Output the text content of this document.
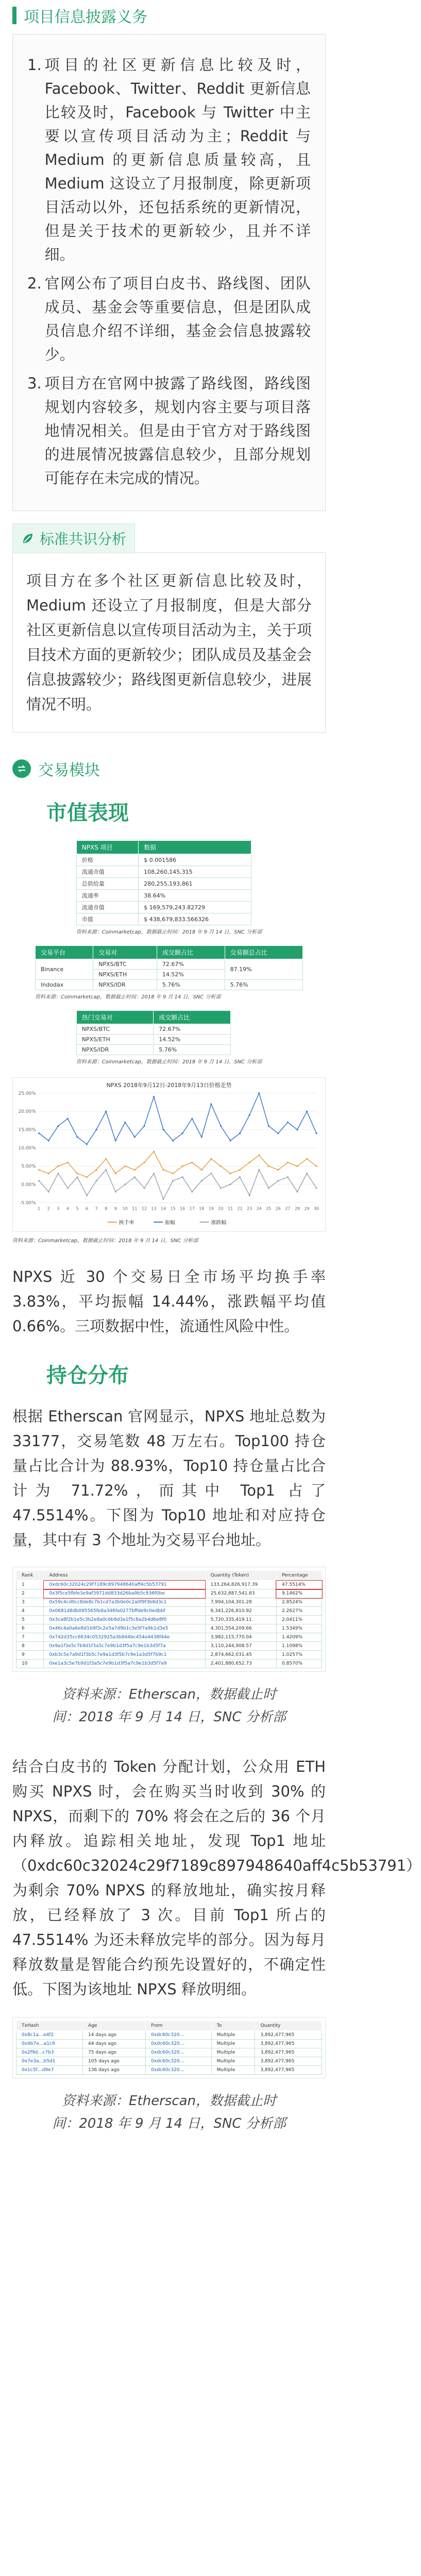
项目信息披露义务
1. 项目的社区更新信息比较及时，Facebook、Twitter、Reddit 更新信息比较及时，Facebook 与 Twitter 中主要以宣传项目活动为主；Reddit 与 Medium 的更新信息质量较高，且 Medium 这设立了月报制度，除更新项目活动以外，还包括系统的更新情况，但是关于技术的更新较少，且并不详细。
2. 官网公布了项目白皮书、路线图、团队成员、基金会等重要信息，但是团队成员信息介绍不详细，基金会信息披露较少。
3. 项目方在官网中披露了路线图，路线图规划内容较多，规划内容主要与项目落地情况相关。但是由于官方对于路线图的进展情况披露信息较少，且部分规划可能存在未完成的情况。
标准共识分析

项目方在多个社区更新信息比较及时，Medium 还设立了月报制度，但是大部分社区更新信息以宣传项目活动为主，关于项目技术方面的更新较少；团队成员及基金会信息披露较少；路线图更新信息较少，进展情况不明。

交易模块
市值表现
NPXS 项目	数据
价格	$ 0.001586
流通市值	108,260,145,315
总供给量	280,255,193,861
流通率	38.64%
流通市值	$ 169,579,243.82729
市值	$ 438,679,833.566326
资料来源：Coinmarketcap，数据截止时间：2018 年 9 月 14 日，SNC 分析部
交易平台	交易对	成交额占比	交易额总占比
Binance	NPXS/BTC	72.67%	87.19%
	NPXS/ETH	14.52%	
Indodax	NPXS/IDR	5.76%	5.76%
资料来源：Coinmarketcap，数据截止时间：2018 年 9 月 14 日，SNC 分析部
热门交易对	成交额占比
NPXS/BTC	72.67%
NPXS/ETH	14.52%
NPXS/IDR	5.76%
资料来源：Coinmarketcap，数据截止时间：2018 年 9 月 14 日，SNC 分析部
NPXS 2018年9月12日-2018年9月13日价格走势
-5.00%
0.00%
5.00%
10.00%
15.00%
20.00%
25.00%
1 2 3 4 5 6 7 8 9 10 11 12 13 14 15 16 17 18 19 20 21 22 23 24 25 26 27 28 29 30
换手率	振幅	涨跌幅
资料来源：Coinmarketcap，数据截止时间：2018 年 9 月 14 日，SNC 分析部
NPXS 近 30 个交易日全市场平均换手率 3.83%，平均振幅 14.44%，涨跌幅平均值 0.66%。三项数据中性，流通性风险中性。
持仓分布
根据 Etherscan 官网显示，NPXS 地址总数为 33177，交易笔数 48 万左右。Top100 持仓量占比合计为 88.93%，Top10 持仓量占比合计为 71.72%，而其中 Top1 占了 47.5514%。下图为 Top10 地址和对应持仓量，其中有 3 个地址为交易平台地址。
Rank	Address	Quantity (Token)	Percentage
1	0xdc60c32024c29f7189c897948640aff4c5b53791	133,264,826,917.39	47.5514%
2	0x3f5ce5fbfe3e9af3971dd833d26ba9b5c936f0be	25,632,887,541.83	9.1462%
3	0x59c4cd0cc8de8c7b1cd7a3b0e0c2a0f9f3b8d3c1	7,994,104,301.28	2.8524%
4	0x0681d8db095565fe8a346fa0277bffde9c0edbbf	6,341,226,810.92	2.2627%
5	0x3ca8f2b1e5c3b2e8a0c6b9d3e1f5c8a2b4d6e8f0	5,720,335,419.11	2.0411%
6	0x46c4a0a6e8d1b9f3c2e5a7d9b1c3e5f7a9b1d3e5	4,301,554,209.66	1.5349%
7	0x742d35cc6634c0532925a3b844bc454e4438f44e	3,982,115,770.04	1.4209%
8	0x9a1f3e5c7b9d1f3a5c7e9b1d3f5a7c9e1b3d5f7a	3,110,244,908.57	1.1098%
9	0xb3c5e7a9d1f3b5c7e9a1d3f5b7c9e1a3d5f7b9c1	2,874,662,031.45	1.0257%
10	0xe1a3c5e7b9d1f3a5c7e9b1d3f5a7c9e1b3d5f7a9	2,401,880,652.73	0.8570%
资料来源：Etherscan，数据截止时
间：2018 年 9 月 14 日，SNC 分析部
结合白皮书的 Token 分配计划，公众用 ETH 购买 NPXS 时，会在购买当时收到 30% 的 NPXS，而剩下的 70% 将会在之后的 36 个月内释放。追踪相关地址，发现 Top1 地址（0xdc60c32024c29f7189c897948640aff4c5b53791）为剩余 70% NPXS 的释放地址，确实按月释放，已经释放了 3 次。目前 Top1 所占的 47.5514% 为还未释放完毕的部分。因为每月释放数量是智能合约预先设置好的，不确定性低。下图为该地址 NPXS 释放明细。
TxHash	Age	From	To	Quantity
0x8c1a…e4f2	14 days ago	0xdc60c320…	Multiple	3,892,477,965
0x4b7e…a1c9	44 days ago	0xdc60c320…	Multiple	3,892,477,965
0x2f9d…c7b3	75 days ago	0xdc60c320…	Multiple	3,892,477,965
0x7e3a…b5d1	105 days ago	0xdc60c320…	Multiple	3,892,477,965
0x1c5f…d9e7	136 days ago	0xdc60c320…	Multiple	3,892,477,965
资料来源：Etherscan，数据截止时
间：2018 年 9 月 14 日，SNC 分析部
